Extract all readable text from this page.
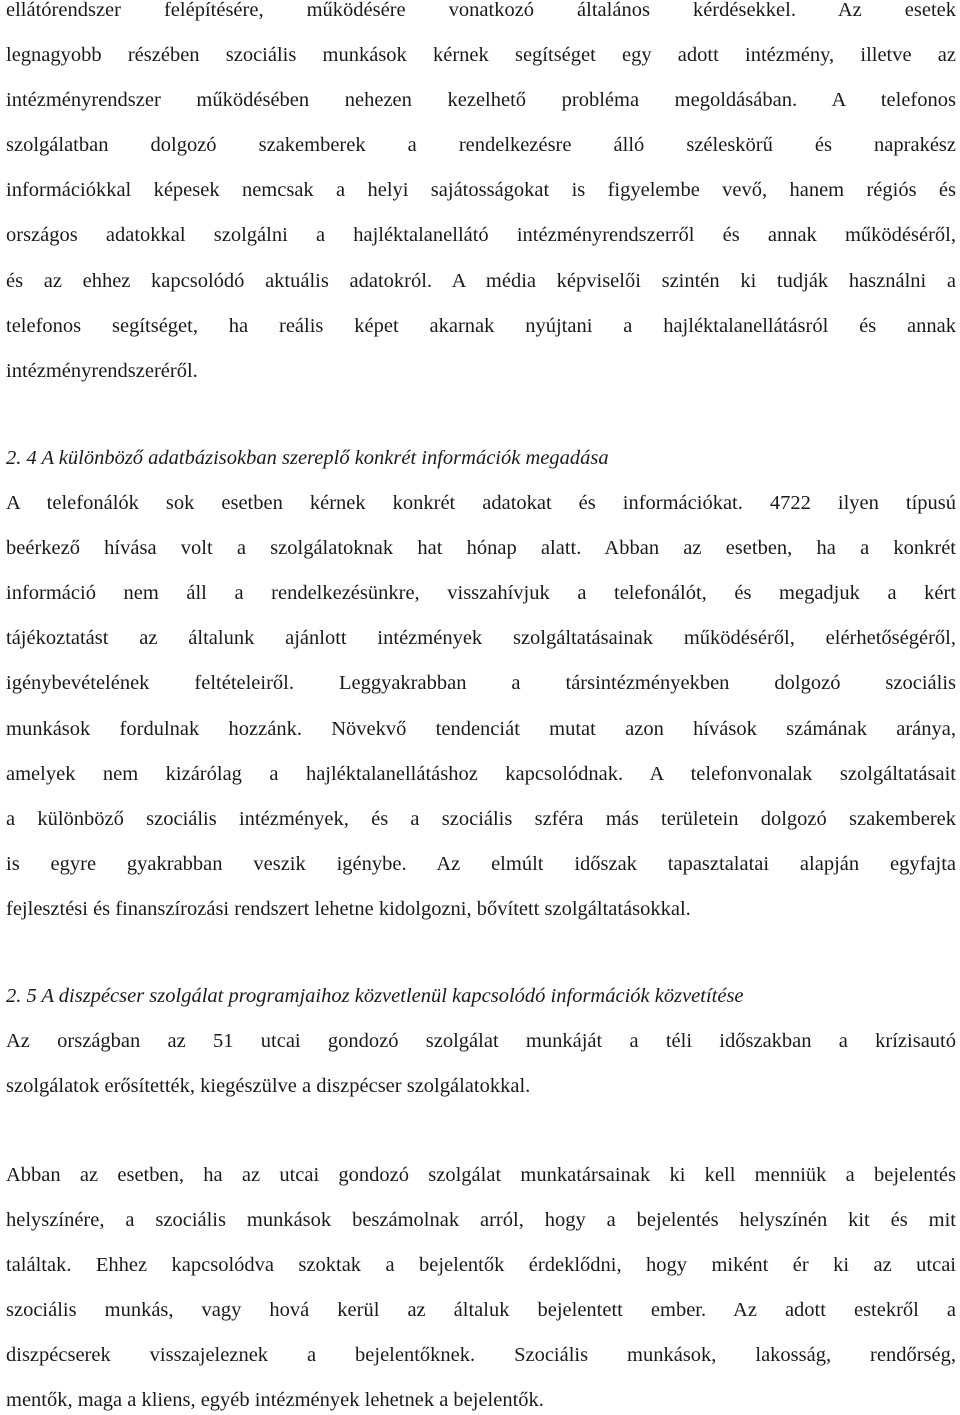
ellátórendszer felépítésére, működésére vonatkozó általános kérdésekkel. Az esetek
legnagyobb részében szociális munkások kérnek segítséget egy adott intézmény, illetve az
intézményrendszer működésében nehezen kezelhető probléma megoldásában. A telefonos
szolgálatban dolgozó szakemberek a rendelkezésre álló széleskörű és naprakész
információkkal képesek nemcsak a helyi sajátosságokat is figyelembe vevő, hanem régiós és
országos adatokkal szolgálni a hajléktalanellátó intézményrendszerről és annak működéséről,
és az ehhez kapcsolódó aktuális adatokról. A média képviselői szintén ki tudják használni a
telefonos segítséget, ha reális képet akarnak nyújtani a hajléktalanellátásról és annak
intézményrendszeréről.
2. 4 A különböző adatbázisokban szereplő konkrét információk megadása
A telefonálók sok esetben kérnek konkrét adatokat és információkat. 4722 ilyen típusú
beérkező hívása volt a szolgálatoknak hat hónap alatt. Abban az esetben, ha a konkrét
információ nem áll a rendelkezésünkre, visszahívjuk a telefonálót, és megadjuk a kért
tájékoztatást az általunk ajánlott intézmények szolgáltatásainak működéséről, elérhetőségéről,
igénybevételének feltételeiről. Leggyakrabban a társintézményekben dolgozó szociális
munkások fordulnak hozzánk. Növekvő tendenciát mutat azon hívások számának aránya,
amelyek nem kizárólag a hajléktalanellátáshoz kapcsolódnak. A telefonvonalak szolgáltatásait
a különböző szociális intézmények, és a szociális szféra más területein dolgozó szakemberek
is egyre gyakrabban veszik igénybe. Az elmúlt időszak tapasztalatai alapján egyfajta
fejlesztési és finanszírozási rendszert lehetne kidolgozni, bővített szolgáltatásokkal.
2. 5 A diszpécser szolgálat programjaihoz közvetlenül kapcsolódó információk közvetítése
Az országban az 51 utcai gondozó szolgálat munkáját a téli időszakban a krízisautó
szolgálatok erősítették, kiegészülve a diszpécser szolgálatokkal.
Abban az esetben, ha az utcai gondozó szolgálat munkatársainak ki kell menniük a bejelentés
helyszínére, a szociális munkások beszámolnak arról, hogy a bejelentés helyszínén kit és mit
találtak. Ehhez kapcsolódva szoktak a bejelentők érdeklődni, hogy miként ér ki az utcai
szociális munkás, vagy hová kerül az általuk bejelentett ember. Az adott estekről a
diszpécserek visszajeleznek a bejelentőknek. Szociális munkások, lakosság, rendőrség,
mentők, maga a kliens, egyéb intézmények lehetnek a bejelentők.
